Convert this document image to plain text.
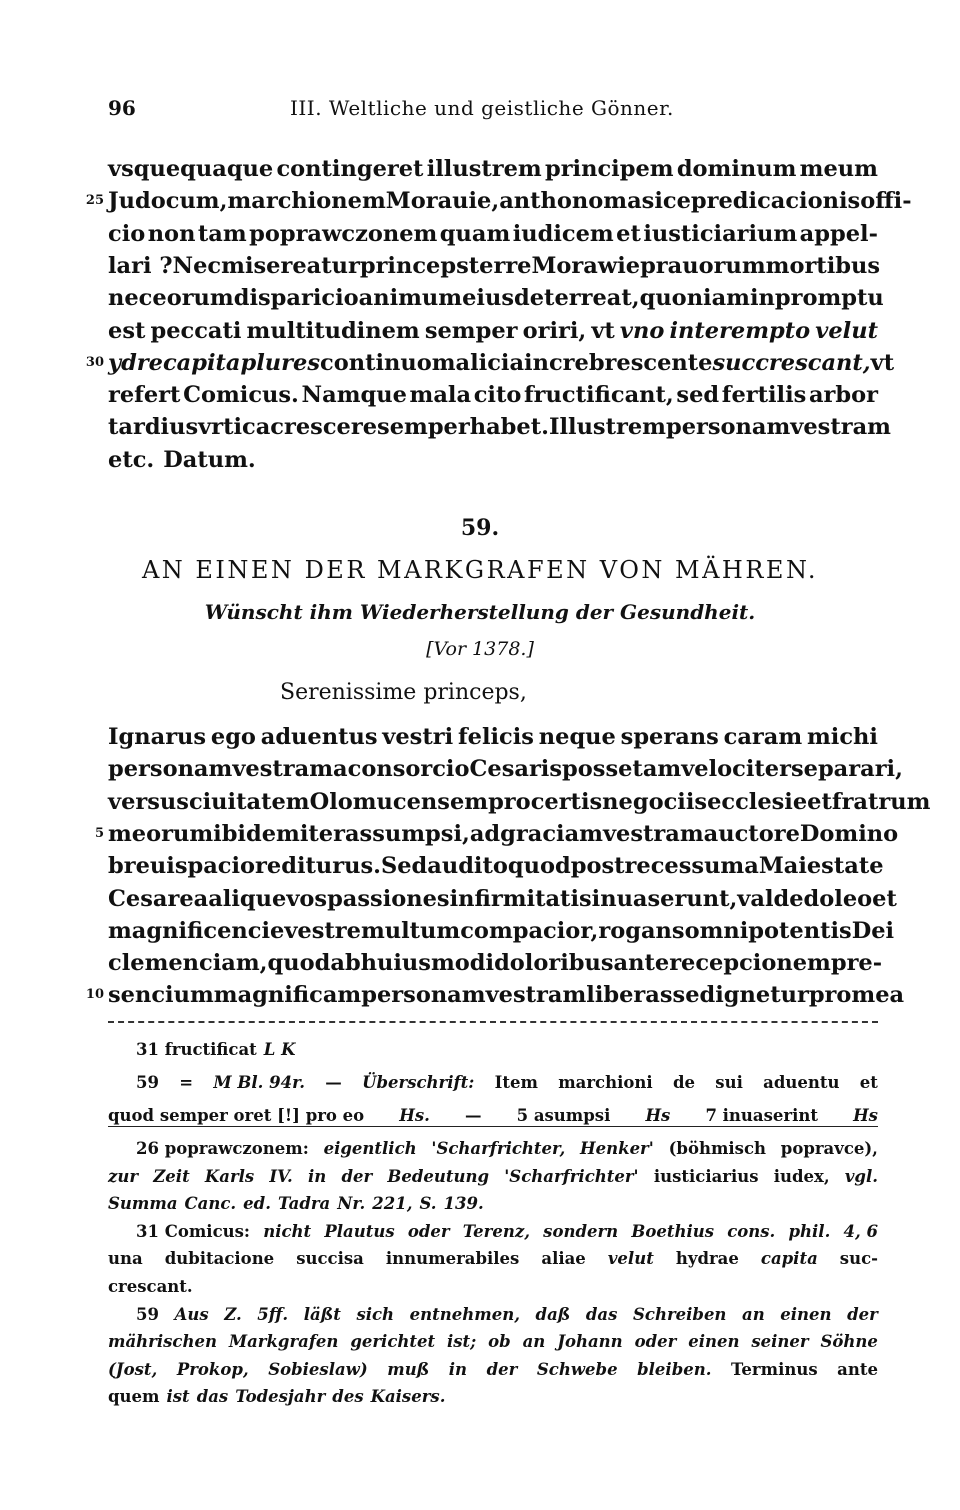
96	III. Weltliche und geistliche Gönner.
vsquequaque contingeret illustrem principem dominum meum
Judocum, marchionem Morauie, anthonomasice predicacionis offi-
25
cio non tam poprawczonem quam iudicem et iusticiarium appel-
lari ? Nec misereatur princeps terre Morawie prauorum mortibus
nec eorum disparicio animum eius deterreat, quoniam in promptu
est peccati multitudinem semper oriri, vt vno interempto velut
ydre capita plures continuo malicia increbrescente succrescant, vt
30
refert Comicus. Namque mala cito fructificant, sed fertilis arbor
tardius vrtica crescere semper habet. Illustrem personam vestram
etc. Datum.
59.
AN EINEN DER MARKGRAFEN VON MÄHREN.
Wünscht ihm Wiederherstellung der Gesundheit.
[Vor 1378.]
Serenissime princeps,
Ignarus ego aduentus vestri felicis neque sperans caram michi
personam vestram a consorcio Cesaris posse tam velociter separari,
versus ciuitatem Olomucensem pro certis negociis ecclesie et fratrum
meorum ibidem iter assumpsi, ad graciam vestram auctore Domino
5
breui spacio rediturus. Sed audito quod post recessum a Maiestate
Cesarea alique vos passiones infirmitatis inuaserunt, valde doleo et
magnificencie vestre multum compacior, rogans omnipotentis Dei
clemenciam, quod ab huiusmodi doloribus ante recepcionem pre-
sencium magnificam personam vestram liberasse dignetur pro mea
10
31 fructificat L K
59 = M Bl. 94r. — Überschrift: Item marchioni de sui aduentu et
quod semper oret [!] pro eo Hs. — 5 asumpsi Hs 7 inuaserint Hs
26 poprawczonem: eigentlich 'Scharfrichter, Henker' (böhmisch popravce),
zur Zeit Karls IV. in der Bedeutung 'Scharfrichter' iusticiarius iudex, vgl.
Summa Canc. ed. Tadra Nr. 221, S. 139.
31 Comicus: nicht Plautus oder Terenz, sondern Boethius cons. phil. 4, 6
una dubitacione succisa innumerabiles aliae velut hydrae capita suc-
crescant.
59 Aus Z. 5ff. läßt sich entnehmen, daß das Schreiben an einen der
mährischen Markgrafen gerichtet ist; ob an Johann oder einen seiner Söhne
(Jost, Prokop, Sobieslaw) muß in der Schwebe bleiben. Terminus ante
quem ist das Todesjahr des Kaisers.
